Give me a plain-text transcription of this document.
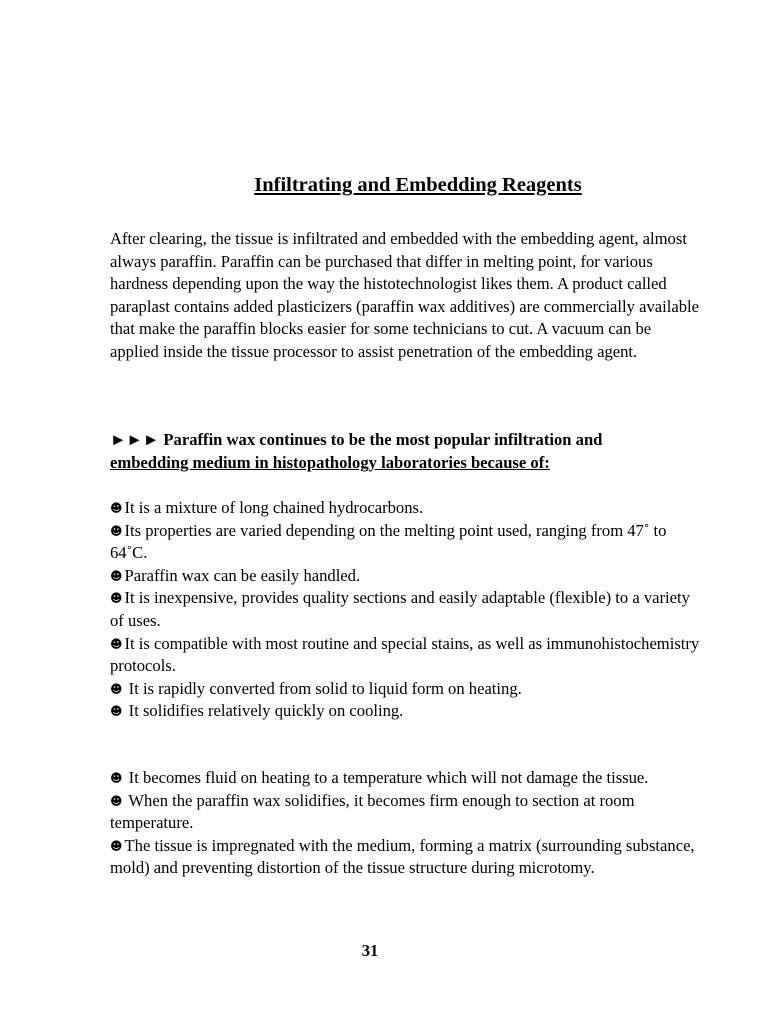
Infiltrating and Embedding Reagents

After clearing, the tissue is infiltrated and embedded with the embedding agent, almost always paraffin. Paraffin can be purchased that differ in melting point, for various hardness depending upon the way the histotechnologist likes them. A product called paraplast contains added plasticizers (paraffin wax additives) are commercially available that make the paraffin blocks easier for some technicians to cut. A vacuum can be applied inside the tissue processor to assist penetration of the embedding agent.

►►► Paraffin wax continues to be the most popular infiltration and
embedding medium in histopathology laboratories because of:

☻ It is a mixture of long chained hydrocarbons.
☻ Its properties are varied depending on the melting point used, ranging from 47˚ to 64˚C.
☻ Paraffin wax can be easily handled.
☻ It is inexpensive, provides quality sections and easily adaptable (flexible) to a variety of uses.
☻ It is compatible with most routine and special stains, as well as immunohistochemistry protocols.
☻ It is rapidly converted from solid to liquid form on heating.
☻ It solidifies relatively quickly on cooling.
☻ It becomes fluid on heating to a temperature which will not damage the tissue.
☻ When the paraffin wax solidifies, it becomes firm enough to section at room temperature.
☻ The tissue is impregnated with the medium, forming a matrix (surrounding substance, mold) and preventing distortion of the tissue structure during microtomy.

31
